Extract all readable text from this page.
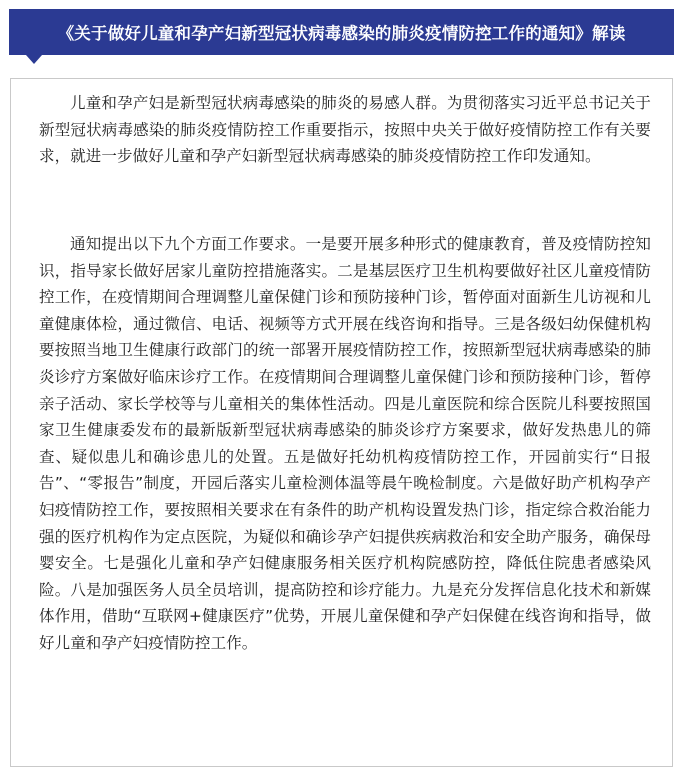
《关于做好儿童和孕产妇新型冠状病毒感染的肺炎疫情防控工作的通知》解读

儿童和孕产妇是新型冠状病毒感染的肺炎的易感人群。为贯彻落实习近平总书记关于新型冠状病毒感染的肺炎疫情防控工作重要指示，按照中央关于做好疫情防控工作有关要求，就进一步做好儿童和孕产妇新型冠状病毒感染的肺炎疫情防控工作印发通知。

通知提出以下九个方面工作要求。一是要开展多种形式的健康教育，普及疫情防控知识，指导家长做好居家儿童防控措施落实。二是基层医疗卫生机构要做好社区儿童疫情防控工作，在疫情期间合理调整儿童保健门诊和预防接种门诊，暂停面对面新生儿访视和儿童健康体检，通过微信、电话、视频等方式开展在线咨询和指导。三是各级妇幼保健机构要按照当地卫生健康行政部门的统一部署开展疫情防控工作，按照新型冠状病毒感染的肺炎诊疗方案做好临床诊疗工作。在疫情期间合理调整儿童保健门诊和预防接种门诊，暂停亲子活动、家长学校等与儿童相关的集体性活动。四是儿童医院和综合医院儿科要按照国家卫生健康委发布的最新版新型冠状病毒感染的肺炎诊疗方案要求，做好发热患儿的筛查、疑似患儿和确诊患儿的处置。五是做好托幼机构疫情防控工作，开园前实行“日报告”、“零报告”制度，开园后落实儿童检测体温等晨午晚检制度。六是做好助产机构孕产妇疫情防控工作，要按照相关要求在有条件的助产机构设置发热门诊，指定综合救治能力强的医疗机构作为定点医院，为疑似和确诊孕产妇提供疾病救治和安全助产服务，确保母婴安全。七是强化儿童和孕产妇健康服务相关医疗机构院感防控，降低住院患者感染风险。八是加强医务人员全员培训，提高防控和诊疗能力。九是充分发挥信息化技术和新媒体作用，借助“互联网+健康医疗”优势，开展儿童保健和孕产妇保健在线咨询和指导，做好儿童和孕产妇疫情防控工作。
